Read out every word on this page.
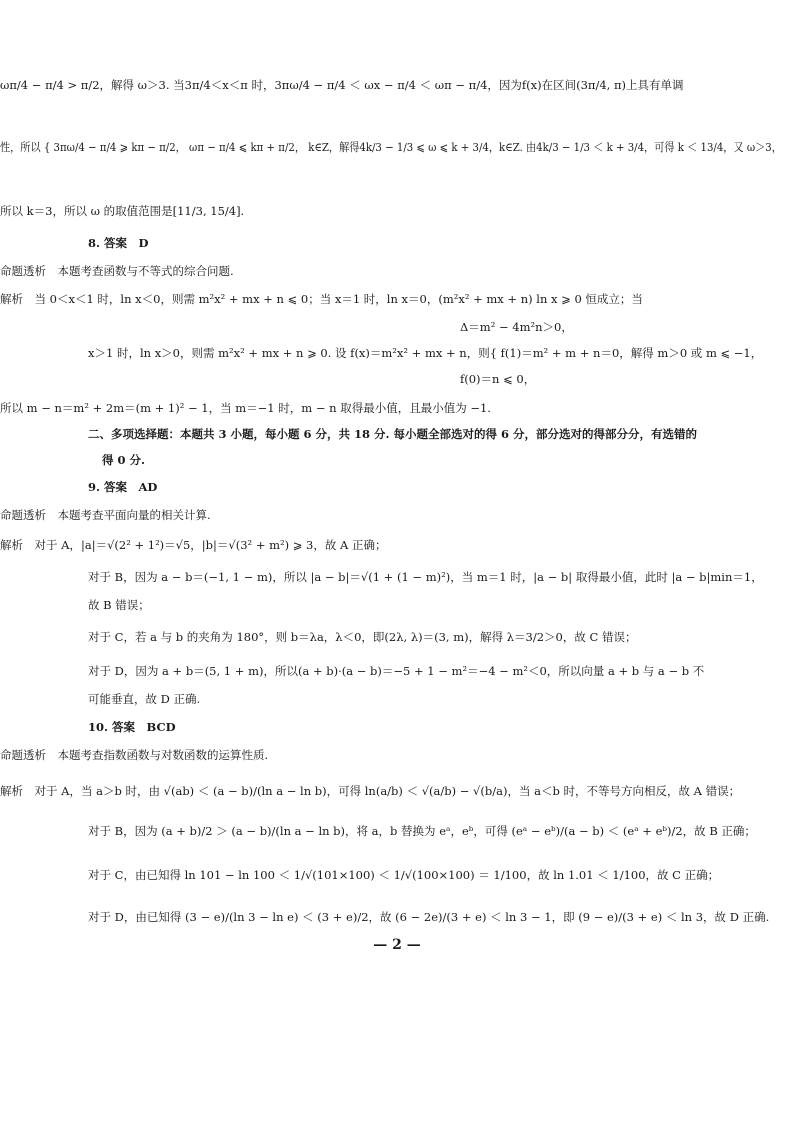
ωπ/4 − π/4 > π/2，解得 ω＞3. 当3π/4＜x＜π 时，3πω/4 − π/4 ＜ ωx − π/4 ＜ ωπ − π/4，因为f(x)在区间(3π/4, π)上具有单调
性，所以 { 3πω/4 − π/4 ⩾ kπ − π/2， ωπ − π/4 ⩽ kπ + π/2， k∈Z，解得4k/3 − 1/3 ⩽ ω ⩽ k + 3/4，k∈Z. 由4k/3 − 1/3 ＜ k + 3/4，可得 k ＜ 13/4，又 ω＞3，
所以 k＝3，所以 ω 的取值范围是[11/3, 15/4].
8. 答案　D
命题透析　本题考查函数与不等式的综合问题.
解析　当 0＜x＜1 时，ln x＜0，则需 m²x² + mx + n ⩽ 0；当 x＝1 时，ln x＝0，(m²x² + mx + n) ln x ⩾ 0 恒成立；当
Δ＝m² − 4m²n＞0，
x＞1 时，ln x＞0，则需 m²x² + mx + n ⩾ 0. 设 f(x)＝m²x² + mx + n，则{ f(1)＝m² + m + n＝0，解得 m＞0 或 m ⩽ −1，
f(0)＝n ⩽ 0，
所以 m − n＝m² + 2m＝(m + 1)² − 1，当 m＝−1 时，m − n 取得最小值，且最小值为 −1.
二、多项选择题：本题共 3 小题，每小题 6 分，共 18 分. 每小题全部选对的得 6 分，部分选对的得部分分，有选错的
得 0 分.
9. 答案　AD
命题透析　本题考查平面向量的相关计算.
解析　对于 A，|a|＝√(2² + 1²)＝√5，|b|＝√(3² + m²) ⩾ 3，故 A 正确；
对于 B，因为 a − b＝(−1, 1 − m)，所以 |a − b|＝√(1 + (1 − m)²)，当 m＝1 时，|a − b| 取得最小值，此时 |a − b|min＝1，
故 B 错误；
对于 C，若 a 与 b 的夹角为 180°，则 b＝λa，λ＜0，即(2λ, λ)＝(3, m)，解得 λ＝3/2＞0，故 C 错误；
对于 D，因为 a + b＝(5, 1 + m)，所以(a + b)·(a − b)＝−5 + 1 − m²＝−4 − m²＜0，所以向量 a + b 与 a − b 不
可能垂直，故 D 正确.
10. 答案　BCD
命题透析　本题考查指数函数与对数函数的运算性质.
解析　对于 A，当 a＞b 时，由 √(ab) ＜ (a − b)/(ln a − ln b)，可得 ln(a/b) ＜ √(a/b) − √(b/a)，当 a＜b 时，不等号方向相反，故 A 错误；
对于 B，因为 (a + b)/2 ＞ (a − b)/(ln a − ln b)，将 a，b 替换为 eᵃ，eᵇ，可得 (eᵃ − eᵇ)/(a − b) ＜ (eᵃ + eᵇ)/2，故 B 正确；
对于 C，由已知得 ln 101 − ln 100 ＜ 1/√(101×100) ＜ 1/√(100×100) ＝ 1/100，故 ln 1.01 ＜ 1/100，故 C 正确；
对于 D，由已知得 (3 − e)/(ln 3 − ln e) ＜ (3 + e)/2，故 (6 − 2e)/(3 + e) ＜ ln 3 − 1，即 (9 − e)/(3 + e) ＜ ln 3，故 D 正确.
— 2 —
